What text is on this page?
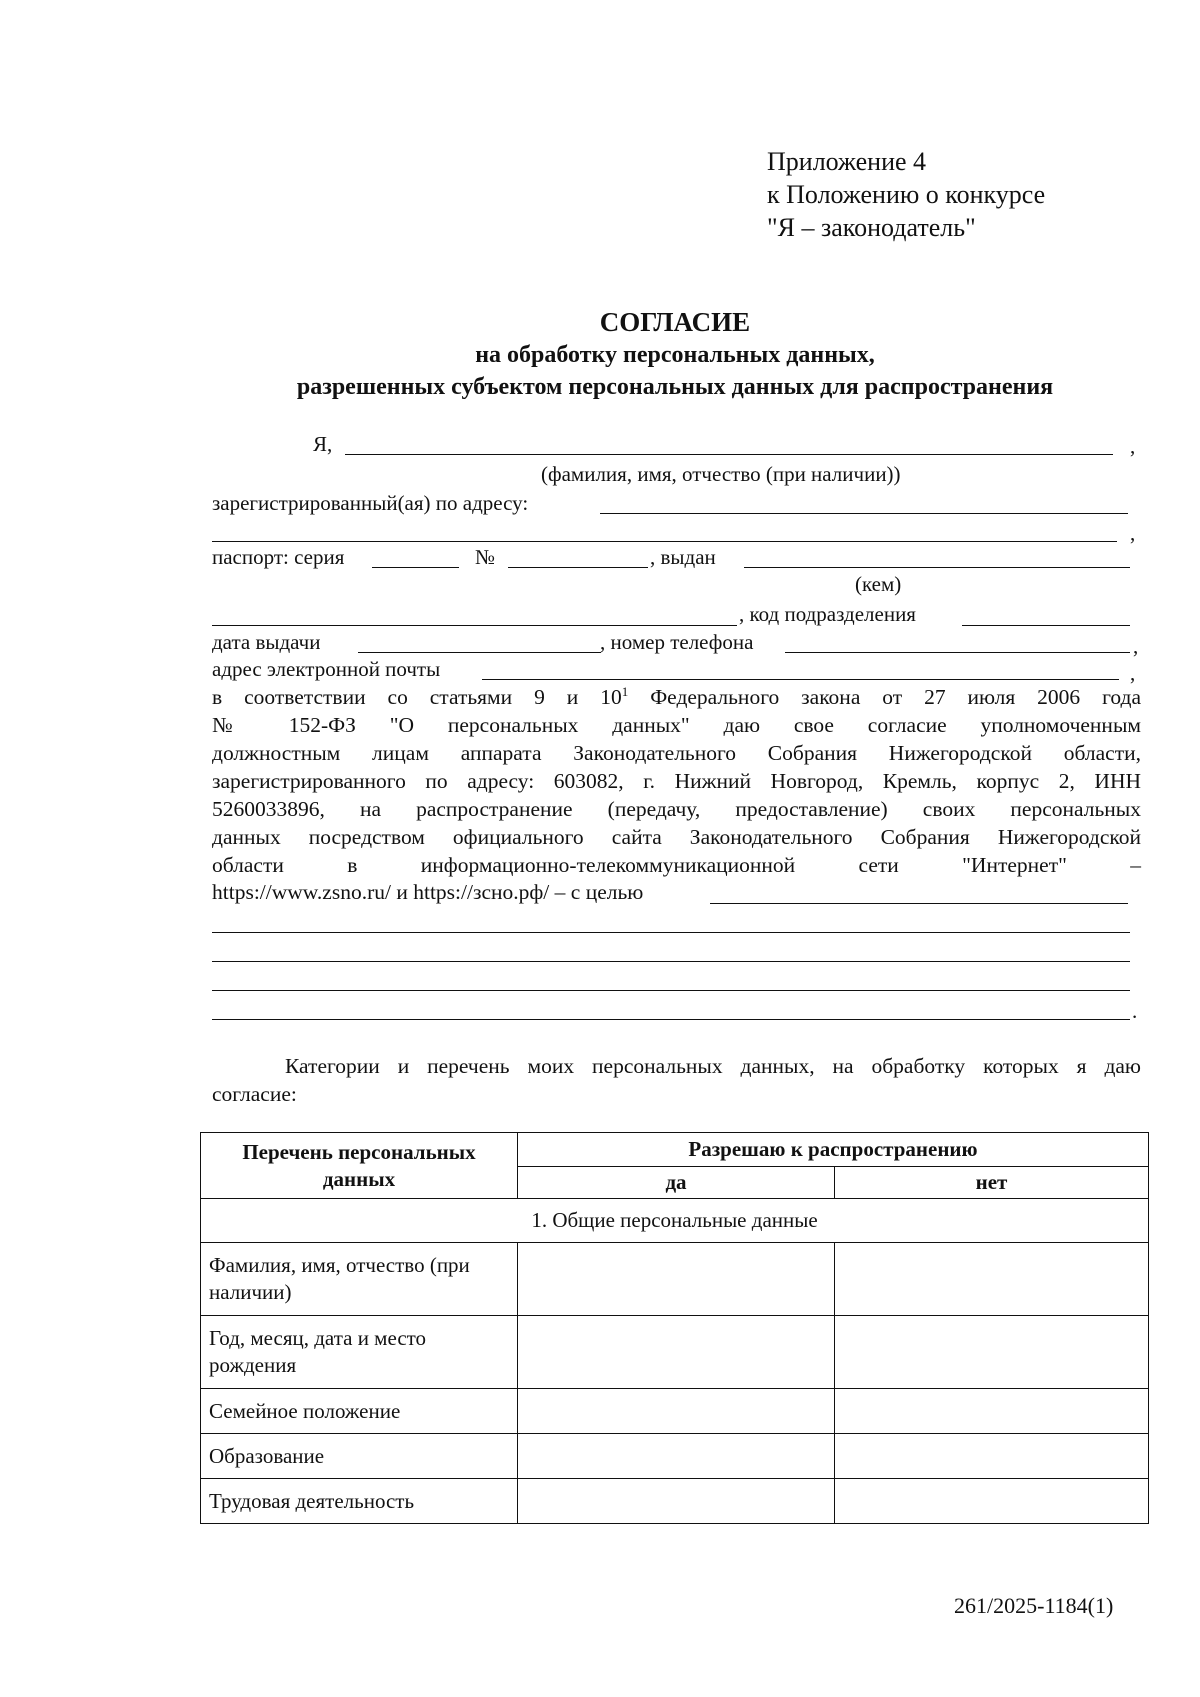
Приложение 4
к Положению о конкурсе
"Я – законодатель"
СОГЛАСИЕ
на обработку персональных данных,
разрешенных субъектом персональных данных для распространения
Я,	,
(фамилия, имя, отчество (при наличии))
зарегистрированный(ая) по адресу:
,
паспорт: серия	№	, выдан
(кем)
, код подразделения
дата выдачи	, номер телефона	,
адрес электронной почты	,
в соответствии со статьями 9 и $10^1$ Федерального закона от 27 июля 2006 года
№ 152-ФЗ "О персональных данных" даю свое согласие уполномоченным
должностным лицам аппарата Законодательного Собрания Нижегородской области,
зарегистрированного по адресу: 603082, г. Нижний Новгород, Кремль, корпус 2, ИНН
5260033896, на распространение (передачу, предоставление) своих персональных
данных посредством официального сайта Законодательного Собрания Нижегородской
области в информационно-телекоммуникационной сети "Интернет" –
https://www.zsno.ru/ и https://зсно.рф/ – с целью
.
Категории и перечень моих персональных данных, на обработку которых я даю
согласие:
Перечень персональных данных	Разрешаю к распространению	
	да	нет
1. Общие персональные данные		
Фамилия, имя, отчество (при наличии)		
Год, месяц, дата и место рождения		
Семейное положение		
Образование		
Трудовая деятельность		
261/2025-1184(1)
